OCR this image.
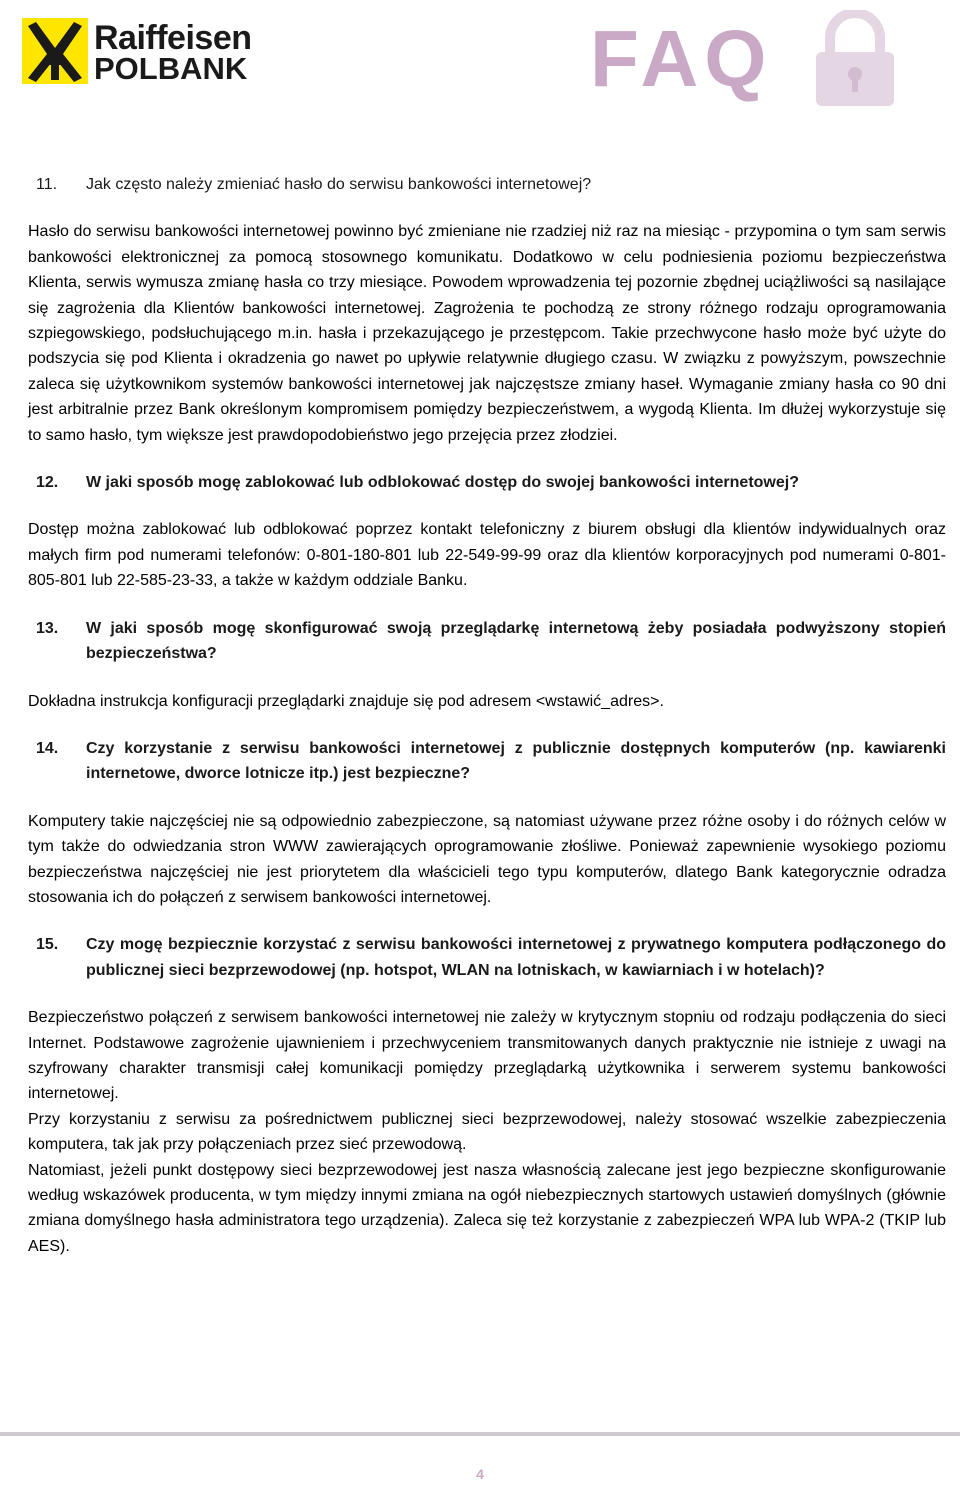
Raiffeisen
POLBANK	FAQ
11.	Jak często należy zmieniać hasło do serwisu bankowości internetowej?

Hasło do serwisu bankowości internetowej powinno być zmieniane nie rzadziej niż raz na miesiąc - przypomina o tym sam serwis bankowości elektronicznej za pomocą stosownego komunikatu. Dodatkowo w celu podniesienia poziomu bezpieczeństwa Klienta, serwis wymusza zmianę hasła co trzy miesiące. Powodem wprowadzenia tej pozornie zbędnej uciążliwości są nasilające się zagrożenia dla Klientów bankowości internetowej. Zagrożenia te pochodzą ze strony różnego rodzaju oprogramowania szpiegowskiego, podsłuchującego m.in. hasła i przekazującego je przestępcom. Takie przechwycone hasło może być użyte do podszycia się pod Klienta i okradzenia go nawet po upływie relatywnie długiego czasu. W związku z powyższym, powszechnie zaleca się użytkownikom systemów bankowości internetowej jak najczęstsze zmiany haseł. Wymaganie zmiany hasła co 90 dni jest arbitralnie przez Bank określonym kompromisem pomiędzy bezpieczeństwem, a wygodą Klienta. Im dłużej wykorzystuje się to samo hasło, tym większe jest prawdopodobieństwo jego przejęcia przez złodziei.

12.	W jaki sposób mogę zablokować lub odblokować dostęp do swojej bankowości internetowej?

Dostęp można zablokować lub odblokować poprzez kontakt telefoniczny z biurem obsługi dla klientów indywidualnych oraz małych firm pod numerami telefonów: 0-801-180-801 lub 22-549-99-99 oraz dla klientów korporacyjnych pod numerami 0-801-805-801 lub 22-585-23-33, a także w każdym oddziale Banku.

13.	W jaki sposób mogę skonfigurować swoją przeglądarkę internetową żeby posiadała podwyższony stopień bezpieczeństwa?

Dokładna instrukcja konfiguracji przeglądarki znajduje się pod adresem <wstawić_adres>.

14.	Czy korzystanie z serwisu bankowości internetowej z publicznie dostępnych komputerów (np. kawiarenki internetowe, dworce lotnicze itp.) jest bezpieczne?

Komputery takie najczęściej nie są odpowiednio zabezpieczone, są natomiast używane przez różne osoby i do różnych celów w tym także do odwiedzania stron WWW zawierających oprogramowanie złośliwe. Ponieważ zapewnienie wysokiego poziomu bezpieczeństwa najczęściej nie jest priorytetem dla właścicieli tego typu komputerów, dlatego Bank kategorycznie odradza stosowania ich do połączeń z serwisem bankowości internetowej.

15.	Czy mogę bezpiecznie korzystać z serwisu bankowości internetowej z prywatnego komputera podłączonego do publicznej sieci bezprzewodowej (np. hotspot, WLAN na lotniskach, w kawiarniach i w hotelach)?

Bezpieczeństwo połączeń z serwisem bankowości internetowej nie zależy w krytycznym stopniu od rodzaju podłączenia do sieci Internet. Podstawowe zagrożenie ujawnieniem i przechwyceniem transmitowanych danych praktycznie nie istnieje z uwagi na szyfrowany charakter transmisji całej komunikacji pomiędzy przeglądarką użytkownika i serwerem systemu bankowości internetowej.

Przy korzystaniu z serwisu za pośrednictwem publicznej sieci bezprzewodowej, należy stosować wszelkie zabezpieczenia komputera, tak jak przy połączeniach przez sieć przewodową.

Natomiast, jeżeli punkt dostępowy sieci bezprzewodowej jest nasza własnością zalecane jest jego bezpieczne skonfigurowanie według wskazówek producenta, w tym między innymi zmiana na ogół niebezpiecznych startowych ustawień domyślnych (głównie zmiana domyślnego hasła administratora tego urządzenia). Zaleca się też korzystanie z zabezpieczeń WPA lub WPA-2 (TKIP lub AES).

4
